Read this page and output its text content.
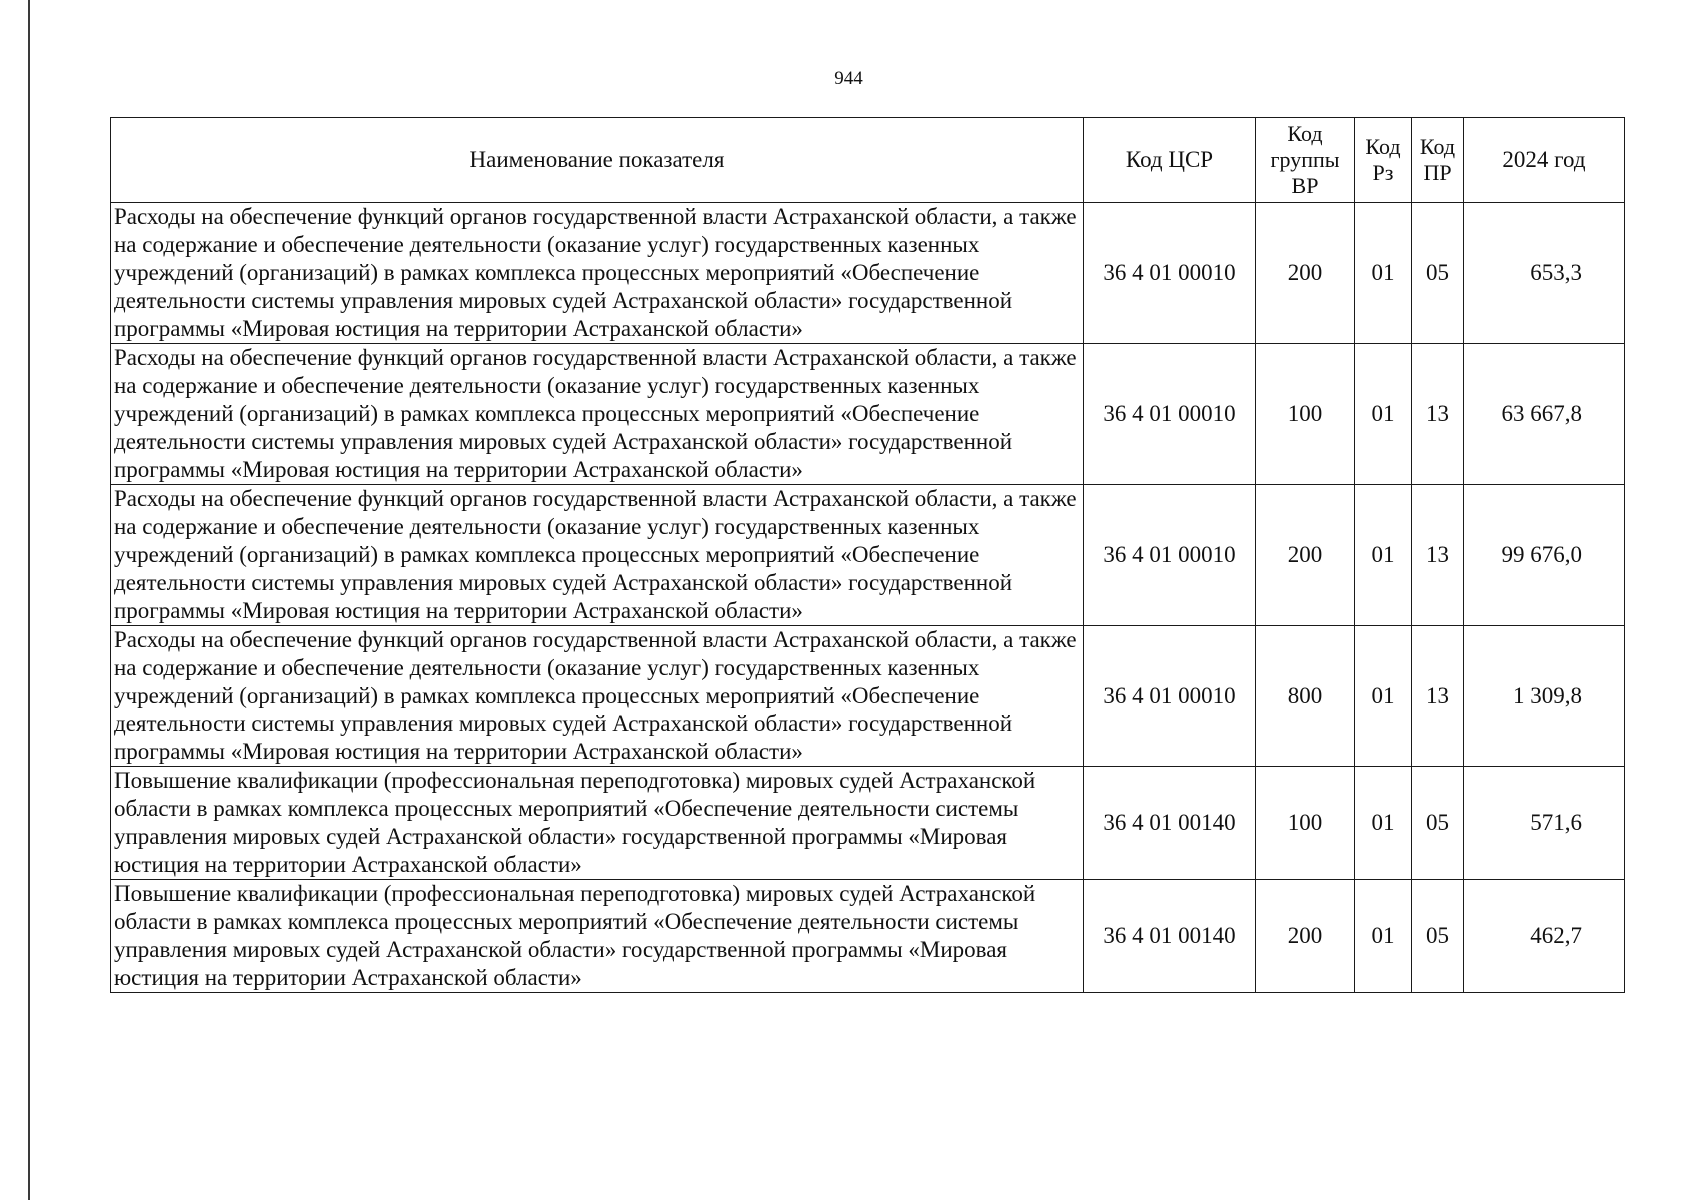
944
Наименование показателя	Код ЦСР	Код группы ВР	Код Рз	Код ПР	2024 год
Расходы на обеспечение функций органов государственной власти Астраханской области, а также на содержание и обеспечение деятельности (оказание услуг) государственных казенных учреждений (организаций) в рамках комплекса процессных мероприятий «Обеспечение деятельности системы управления мировых судей Астраханской области» государственной программы «Мировая юстиция на территории Астраханской области»	36 4 01 00010	200	01	05	653,3
Расходы на обеспечение функций органов государственной власти Астраханской области, а также на содержание и обеспечение деятельности (оказание услуг) государственных казенных учреждений (организаций) в рамках комплекса процессных мероприятий «Обеспечение деятельности системы управления мировых судей Астраханской области» государственной программы «Мировая юстиция на территории Астраханской области»	36 4 01 00010	100	01	13	63 667,8
Расходы на обеспечение функций органов государственной власти Астраханской области, а также на содержание и обеспечение деятельности (оказание услуг) государственных казенных учреждений (организаций) в рамках комплекса процессных мероприятий «Обеспечение деятельности системы управления мировых судей Астраханской области» государственной программы «Мировая юстиция на территории Астраханской области»	36 4 01 00010	200	01	13	99 676,0
Расходы на обеспечение функций органов государственной власти Астраханской области, а также на содержание и обеспечение деятельности (оказание услуг) государственных казенных учреждений (организаций) в рамках комплекса процессных мероприятий «Обеспечение деятельности системы управления мировых судей Астраханской области» государственной программы «Мировая юстиция на территории Астраханской области»	36 4 01 00010	800	01	13	1 309,8
Повышение квалификации (профессиональная переподготовка) мировых судей Астраханской области в рамках комплекса процессных мероприятий «Обеспечение деятельности системы управления мировых судей Астраханской области» государственной программы «Мировая юстиция на территории Астраханской области»	36 4 01 00140	100	01	05	571,6
Повышение квалификации (профессиональная переподготовка) мировых судей Астраханской области в рамках комплекса процессных мероприятий «Обеспечение деятельности системы управления мировых судей Астраханской области» государственной программы «Мировая юстиция на территории Астраханской области»	36 4 01 00140	200	01	05	462,7
